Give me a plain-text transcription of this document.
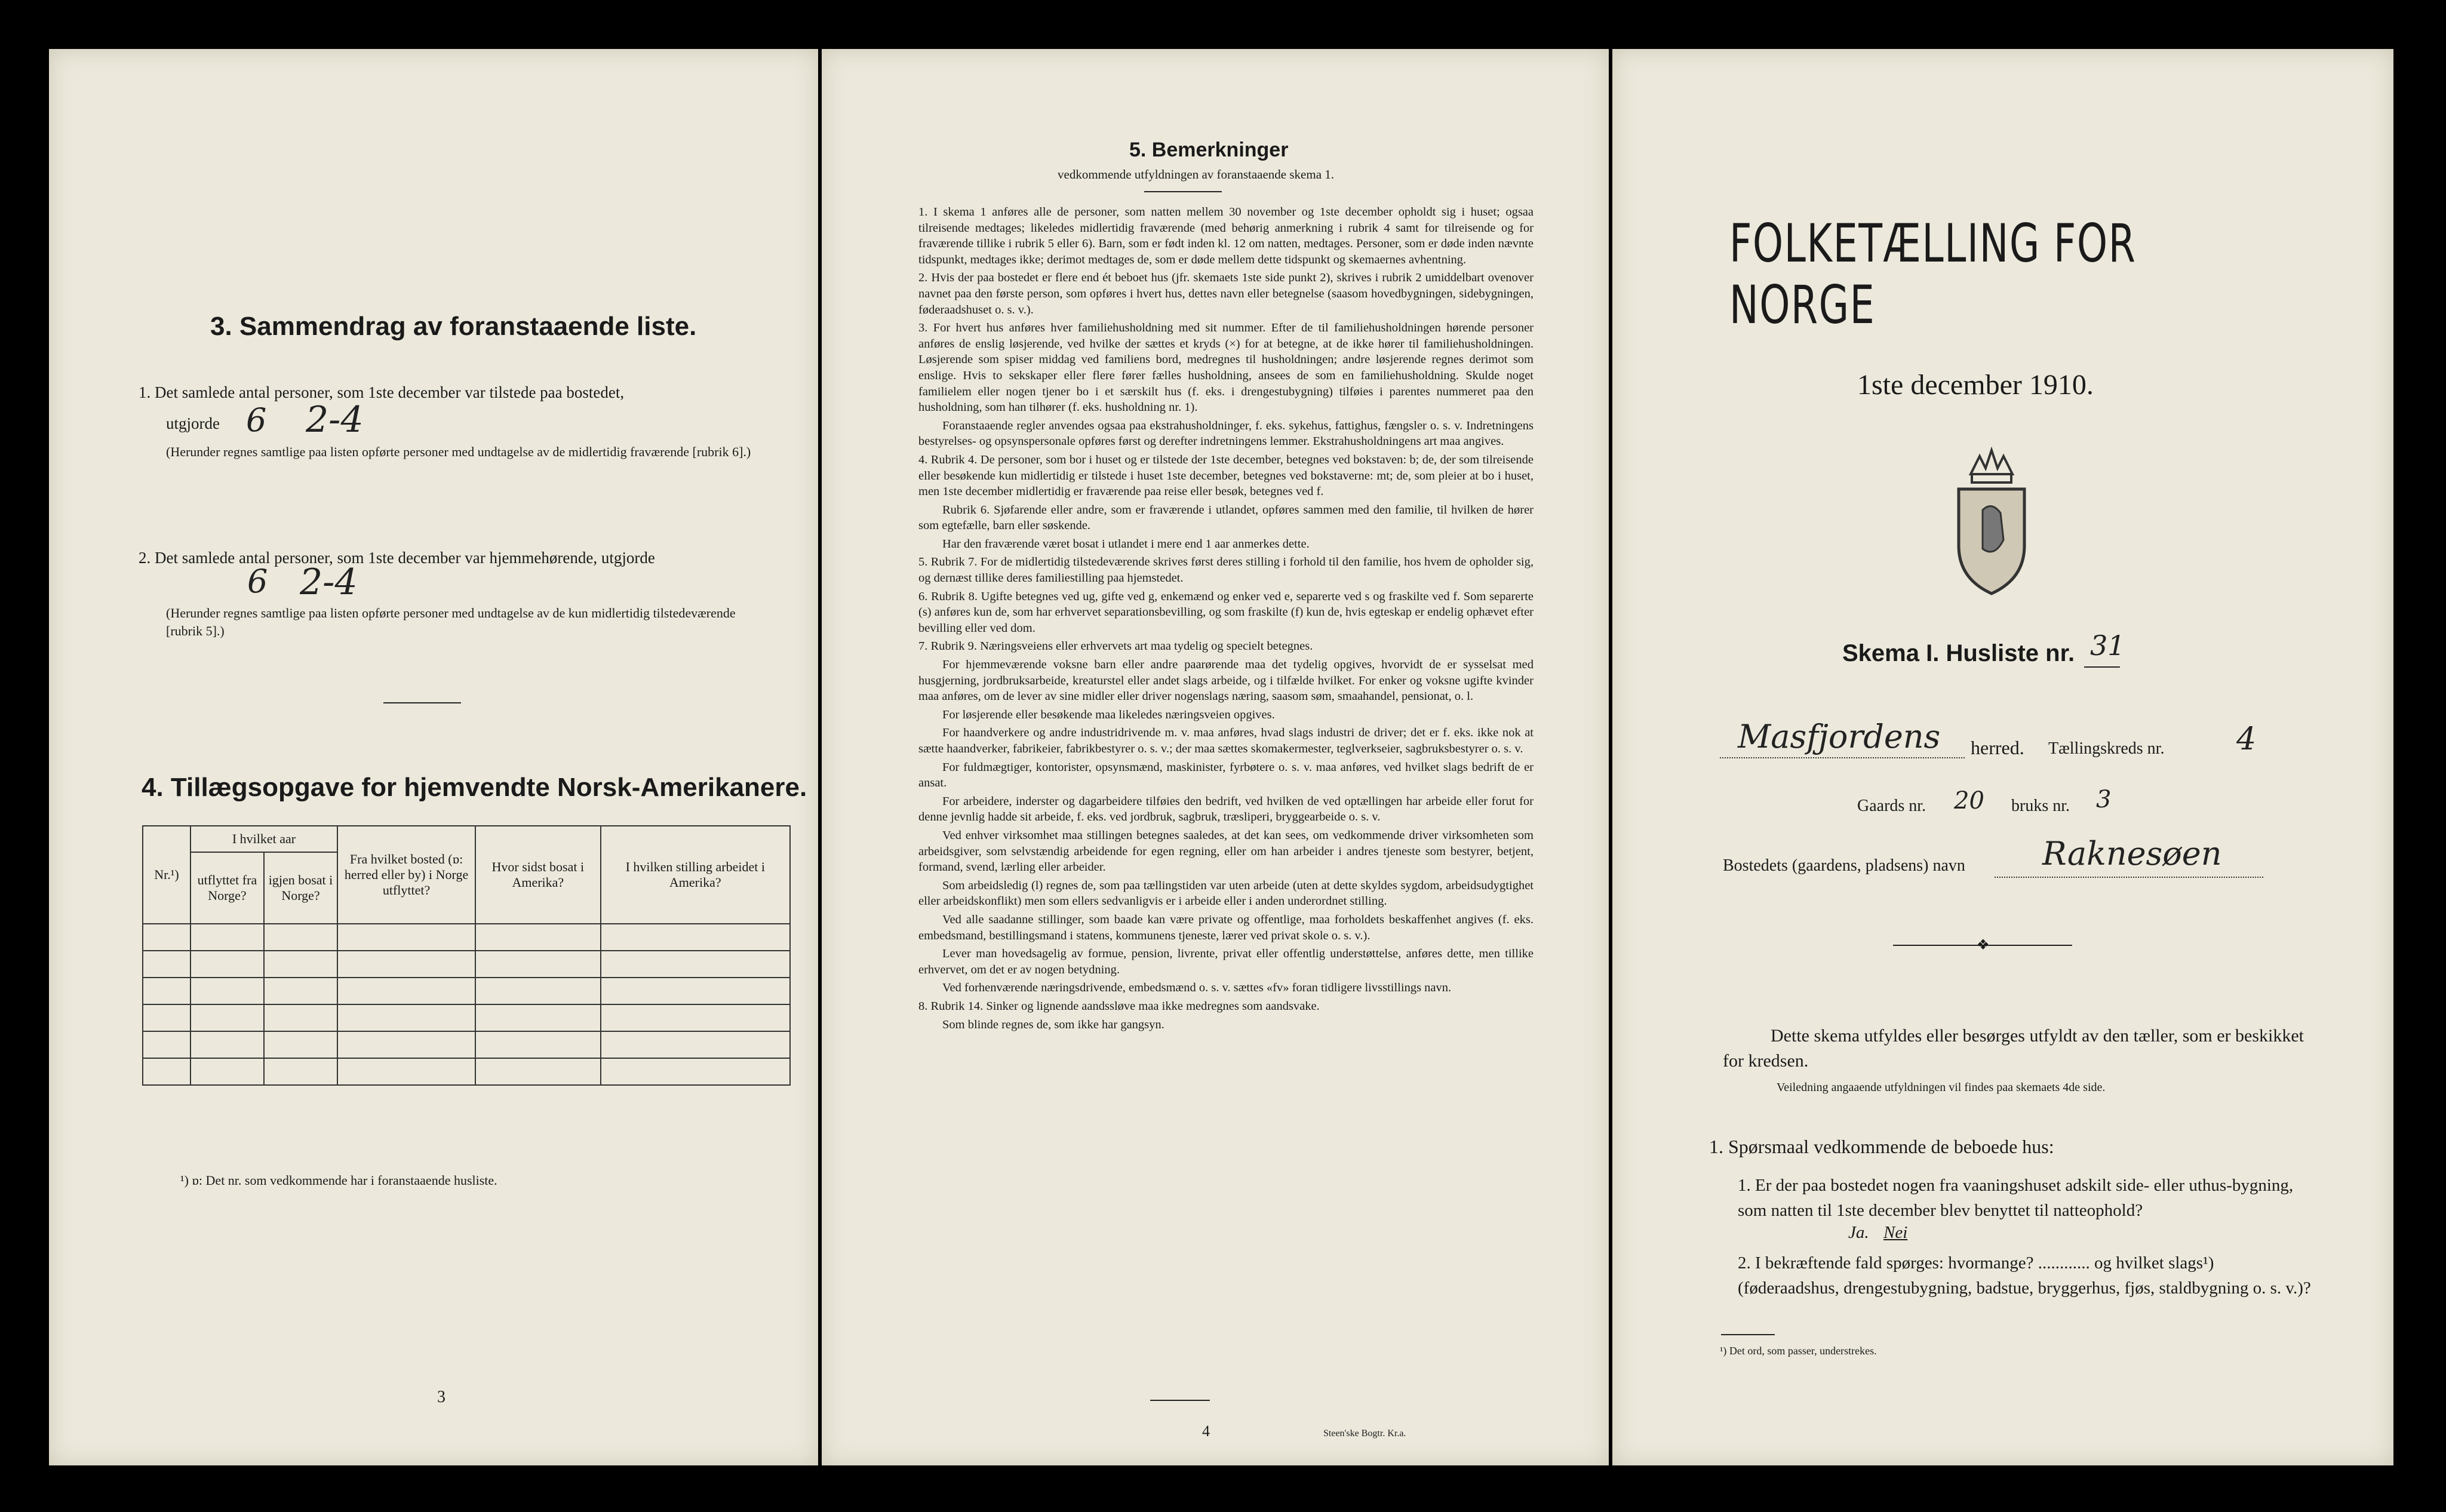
3. Sammendrag av foranstaaende liste.
1. Det samlede antal personer, som 1ste december var tilstede paa bostedet,
utgjorde 6 2-4
(Herunder regnes samtlige paa listen opførte personer med undtagelse av de midlertidig fraværende [rubrik 6].)
2. Det samlede antal personer, som 1ste december var hjemmehørende, utgjorde
6 2-4
(Herunder regnes samtlige paa listen opførte personer med undtagelse av de kun midlertidig tilstedeværende [rubrik 5].)
4. Tillægsopgave for hjemvendte Norsk-Amerikanere.
Nr.¹)	I hvilket aar		Fra hvilket bosted (ɒ: herred eller by) i Norge utflyttet?	Hvor sidst bosat i Amerika?	I hvilken stilling arbeidet i Amerika?
	utflyttet fra Norge?	igjen bosat i Norge?			

¹) ɒ: Det nr. som vedkommende har i foranstaaende husliste.
3
5. Bemerkninger
vedkommende utfyldningen av foranstaaende skema 1.

1. I skema 1 anføres alle de personer, som natten mellem 30 november og 1ste december opholdt sig i huset; ogsaa tilreisende medtages; likeledes midlertidig fraværende (med behørig anmerkning i rubrik 4 samt for tilreisende og for fraværende tillike i rubrik 5 eller 6). Barn, som er født inden kl. 12 om natten, medtages. Personer, som er døde inden nævnte tidspunkt, medtages ikke; derimot medtages de, som er døde mellem dette tidspunkt og skemaernes avhentning.

2. Hvis der paa bostedet er flere end ét beboet hus (jfr. skemaets 1ste side punkt 2), skrives i rubrik 2 umiddelbart ovenover navnet paa den første person, som opføres i hvert hus, dettes navn eller betegnelse (saasom hovedbygningen, sidebygningen, føderaadshuset o. s. v.).

3. For hvert hus anføres hver familiehusholdning med sit nummer. Efter de til familiehusholdningen hørende personer anføres de enslig løsjerende, ved hvilke der sættes et kryds (×) for at betegne, at de ikke hører til familiehusholdningen. Løsjerende som spiser middag ved familiens bord, medregnes til husholdningen; andre løsjerende regnes derimot som enslige. Hvis to sekskaper eller flere fører fælles husholdning, ansees de som en familiehusholdning. Skulde noget familielem eller nogen tjener bo i et særskilt hus (f. eks. i drengestubygning) tilføies i parentes nummeret paa den husholdning, som han tilhører (f. eks. husholdning nr. 1).

Foranstaaende regler anvendes ogsaa paa ekstrahusholdninger, f. eks. sykehus, fattighus, fængsler o. s. v. Indretningens bestyrelses- og opsynspersonale opføres først og derefter indretningens lemmer. Ekstrahusholdningens art maa angives.

4. Rubrik 4. De personer, som bor i huset og er tilstede der 1ste december, betegnes ved bokstaven: b; de, der som tilreisende eller besøkende kun midlertidig er tilstede i huset 1ste december, betegnes ved bokstaverne: mt; de, som pleier at bo i huset, men 1ste december midlertidig er fraværende paa reise eller besøk, betegnes ved f.

Rubrik 6. Sjøfarende eller andre, som er fraværende i utlandet, opføres sammen med den familie, til hvilken de hører som egtefælle, barn eller søskende.

Har den fraværende været bosat i utlandet i mere end 1 aar anmerkes dette.

5. Rubrik 7. For de midlertidig tilstedeværende skrives først deres stilling i forhold til den familie, hos hvem de opholder sig, og dernæst tillike deres familiestilling paa hjemstedet.

6. Rubrik 8. Ugifte betegnes ved ug, gifte ved g, enkemænd og enker ved e, separerte ved s og fraskilte ved f. Som separerte (s) anføres kun de, som har erhvervet separationsbevilling, og som fraskilte (f) kun de, hvis egteskap er endelig ophævet efter bevilling eller ved dom.

7. Rubrik 9. Næringsveiens eller erhvervets art maa tydelig og specielt betegnes.

For hjemmeværende voksne barn eller andre paarørende maa det tydelig opgives, hvorvidt de er sysselsat med husgjerning, jordbruksarbeide, kreaturstel eller andet slags arbeide, og i tilfælde hvilket. For enker og voksne ugifte kvinder maa anføres, om de lever av sine midler eller driver nogenslags næring, saasom søm, smaahandel, pensionat, o. l.

For løsjerende eller besøkende maa likeledes næringsveien opgives.

For haandverkere og andre industridrivende m. v. maa anføres, hvad slags industri de driver; det er f. eks. ikke nok at sætte haandverker, fabrikeier, fabrikbestyrer o. s. v.; der maa sættes skomakermester, teglverkseier, sagbruksbestyrer o. s. v.

For fuldmægtiger, kontorister, opsynsmænd, maskinister, fyrbøtere o. s. v. maa anføres, ved hvilket slags bedrift de er ansat.

For arbeidere, inderster og dagarbeidere tilføies den bedrift, ved hvilken de ved optællingen har arbeide eller forut for denne jevnlig hadde sit arbeide, f. eks. ved jordbruk, sagbruk, træsliperi, bryggearbeide o. s. v.

Ved enhver virksomhet maa stillingen betegnes saaledes, at det kan sees, om vedkommende driver virksomheten som arbeidsgiver, som selvstændig arbeidende for egen regning, eller om han arbeider i andres tjeneste som bestyrer, betjent, formand, svend, lærling eller arbeider.

Som arbeidsledig (l) regnes de, som paa tællingstiden var uten arbeide (uten at dette skyldes sygdom, arbeidsudygtighet eller arbeidskonflikt) men som ellers sedvanligvis er i arbeide eller i anden underordnet stilling.

Ved alle saadanne stillinger, som baade kan være private og offentlige, maa forholdets beskaffenhet angives (f. eks. embedsmand, bestillingsmand i statens, kommunens tjeneste, lærer ved privat skole o. s. v.).

Lever man hovedsagelig av formue, pension, livrente, privat eller offentlig understøttelse, anføres dette, men tillike erhvervet, om det er av nogen betydning.

Ved forhenværende næringsdrivende, embedsmænd o. s. v. sættes «fv» foran tidligere livsstillings navn.

8. Rubrik 14. Sinker og lignende aandssløve maa ikke medregnes som aandsvake.

Som blinde regnes de, som ikke har gangsyn.

4	Steen'ske Bogtr. Kr.a.
FOLKETÆLLING FOR NORGE
1ste december 1910.
Skema I. Husliste nr. 31
Masfjordens herred. Tællingskreds nr. 4
Gaards nr. 20 bruks nr. 3
Bostedets (gaardens, pladsens) navn Raknesøen
❖
Dette skema utfyldes eller besørges utfyldt av den tæller, som er beskikket for kredsen.
Veiledning angaaende utfyldningen vil findes paa skemaets 4de side.
1. Spørsmaal vedkommende de beboede hus:
1. Er der paa bostedet nogen fra vaaningshuset adskilt side- eller uthus-bygning, som natten til 1ste december blev benyttet til natteophold?
Ja. Nei
2. I bekræftende fald spørges: hvormange? ............ og hvilket slags¹) (føderaadshus, drengestubygning, badstue, bryggerhus, fjøs, staldbygning o. s. v.)?
¹) Det ord, som passer, understrekes.
